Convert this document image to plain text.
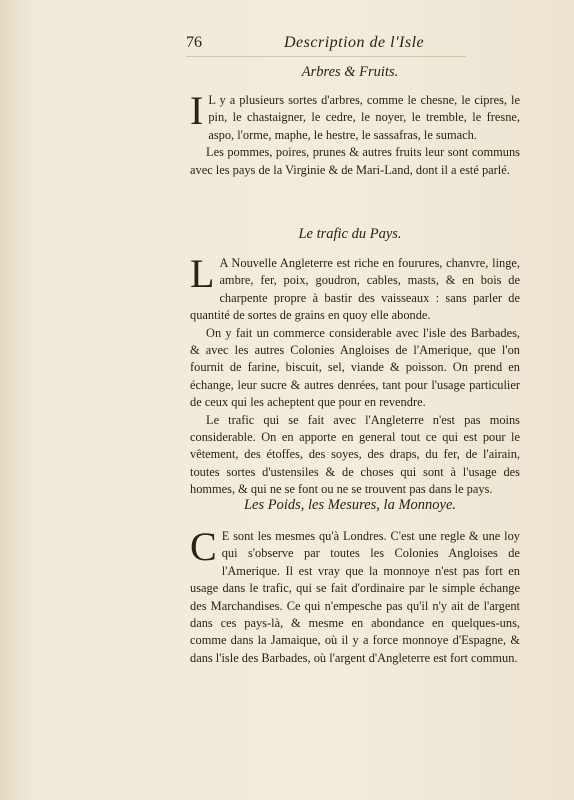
76	Description de l'Isle
Arbres & Fruits.

I L y a plusieurs sortes d'arbres, comme le chesne, le cipres, le pin, le chastaigner, le cedre, le noyer, le tremble, le fresne, aspo, l'orme, maphe, le hestre, le sassafras, le sumach.

Les pommes, poires, prunes & autres fruits leur sont communs avec les pays de la Virginie & de Mari-Land, dont il a esté parlé.

Le trafic du Pays.

L A Nouvelle Angleterre est riche en fourures, chanvre, linge, ambre, fer, poix, goudron, cables, masts, & en bois de charpente propre à bastir des vaisseaux : sans parler de quantité de sortes de grains en quoy elle abonde.

On y fait un commerce considerable avec l'isle des Barbades, & avec les autres Colonies Angloises de l'Amerique, que l'on fournit de farine, biscuit, sel, viande & poisson. On prend en échange, leur sucre & autres denrées, tant pour l'usage particulier de ceux qui les acheptent que pour en revendre.

Le trafic qui se fait avec l'Angleterre n'est pas moins considerable. On en apporte en general tout ce qui est pour le vêtement, des étoffes, des soyes, des draps, du fer, de l'airain, toutes sortes d'ustensiles & de choses qui sont à l'usage des hommes, & qui ne se font ou ne se trouvent pas dans le pays.

Les Poids, les Mesures, la Monnoye.

C E sont les mesmes qu'à Londres. C'est une regle & une loy qui s'observe par toutes les Colonies Angloises de l'Amerique. Il est vray que la monnoye n'est pas fort en usage dans le trafic, qui se fait d'ordinaire par le simple échange des Marchandises. Ce qui n'empesche pas qu'il n'y ait de l'argent dans ces pays-là, & mesme en abondance en quelques-uns, comme dans la Jamaique, où il y a force monnoye d'Espagne, & dans l'isle des Barbades, où l'argent d'Angleterre est fort commun.
